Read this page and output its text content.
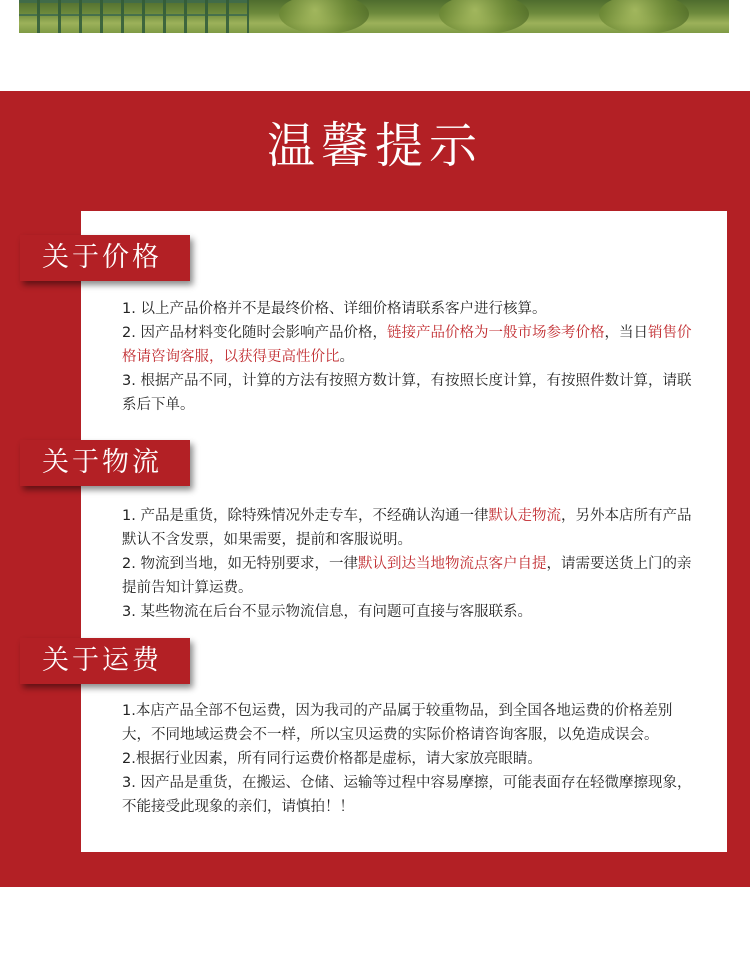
温馨提示
关于价格
1. 以上产品价格并不是最终价格、详细价格请联系客户进行核算。
2. 因产品材料变化随时会影响产品价格，链接产品价格为一般市场参考价格，当日销售价格请咨询客服，以获得更高性价比。
3. 根据产品不同，计算的方法有按照方数计算，有按照长度计算，有按照件数计算，请联系后下单。
关于物流
1. 产品是重货，除特殊情况外走专车，不经确认沟通一律默认走物流，另外本店所有产品默认不含发票，如果需要，提前和客服说明。
2. 物流到当地，如无特别要求，一律默认到达当地物流点客户自提，请需要送货上门的亲提前告知计算运费。
3. 某些物流在后台不显示物流信息，有问题可直接与客服联系。
关于运费
1.本店产品全部不包运费，因为我司的产品属于较重物品，到全国各地运费的价格差别大，不同地域运费会不一样，所以宝贝运费的实际价格请咨询客服，以免造成误会。
2.根据行业因素，所有同行运费价格都是虚标，请大家放亮眼睛。
3. 因产品是重货，在搬运、仓储、运输等过程中容易摩擦，可能表面存在轻微摩擦现象，不能接受此现象的亲们，请慎拍！！
